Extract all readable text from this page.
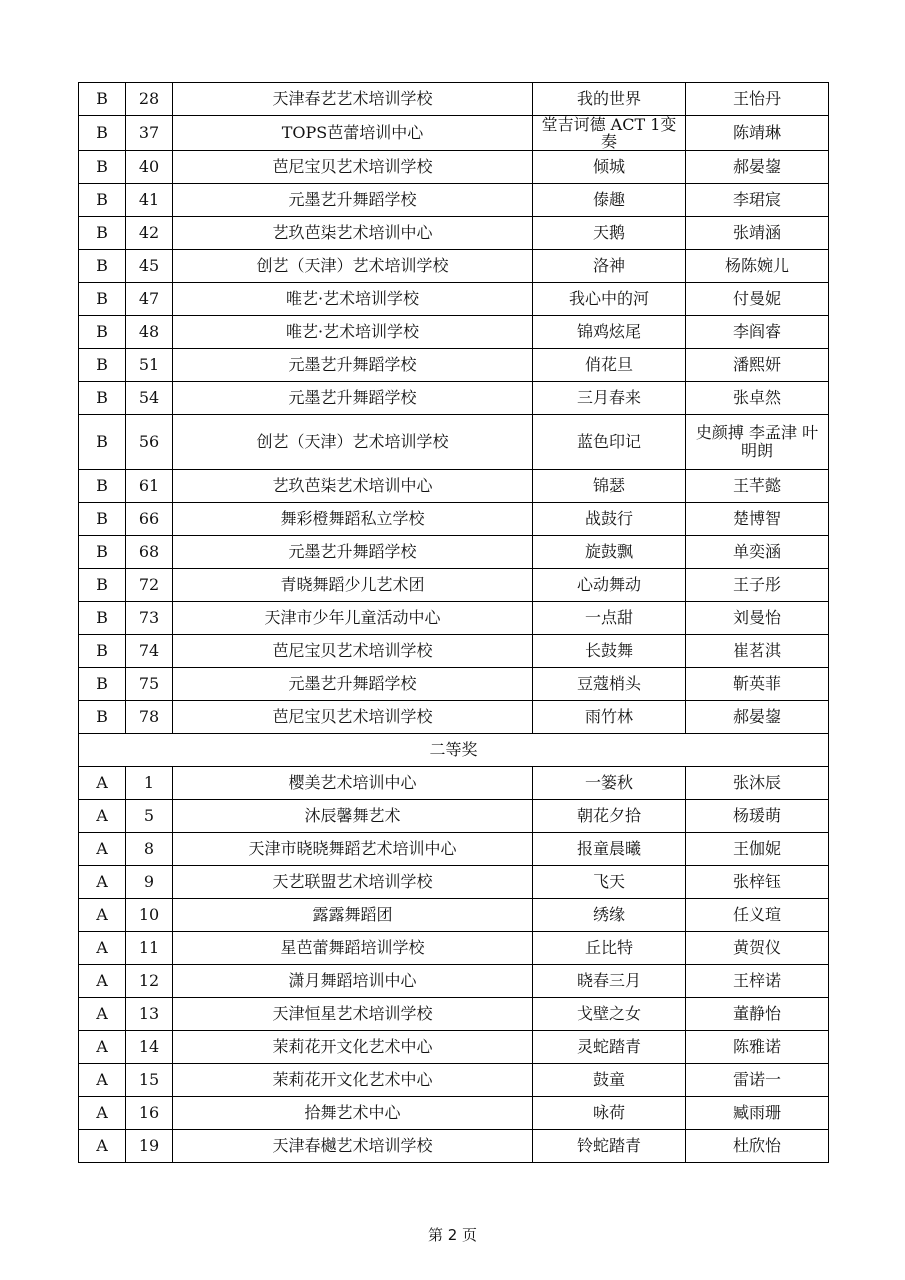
B	28	天津春艺艺术培训学校	我的世界	王怡丹
B	37	TOPS芭蕾培训中心	堂吉诃德 ACT 1变奏	陈靖琳
B	40	芭尼宝贝艺术培训学校	倾城	郝晏鋆
B	41	元墨艺升舞蹈学校	傣趣	李珺宸
B	42	艺玖芭柒艺术培训中心	天鹅	张靖涵
B	45	创艺（天津）艺术培训学校	洛神	杨陈婉儿
B	47	唯艺·艺术培训学校	我心中的河	付曼妮
B	48	唯艺·艺术培训学校	锦鸡炫尾	李阎睿
B	51	元墨艺升舞蹈学校	俏花旦	潘熙妍
B	54	元墨艺升舞蹈学校	三月春来	张卓然
B	56	创艺（天津）艺术培训学校	蓝色印记	史颜搏 李孟津 叶明朗
B	61	艺玖芭柒艺术培训中心	锦瑟	王芊懿
B	66	舞彩橙舞蹈私立学校	战鼓行	楚博智
B	68	元墨艺升舞蹈学校	旋鼓飘	单奕涵
B	72	青晓舞蹈少儿艺术团	心动舞动	王子彤
B	73	天津市少年儿童活动中心	一点甜	刘曼怡
B	74	芭尼宝贝艺术培训学校	长鼓舞	崔茗淇
B	75	元墨艺升舞蹈学校	豆蔻梢头	靳英菲
B	78	芭尼宝贝艺术培训学校	雨竹林	郝晏鋆
二等奖				
A	1	樱美艺术培训中心	一篓秋	张沐辰
A	5	沐辰馨舞艺术	朝花夕拾	杨瑗萌
A	8	天津市晓晓舞蹈艺术培训中心	报童晨曦	王伽妮
A	9	天艺联盟艺术培训学校	飞天	张梓钰
A	10	露露舞蹈团	绣缘	任义瑄
A	11	星芭蕾舞蹈培训学校	丘比特	黄贺仪
A	12	潇月舞蹈培训中心	晓春三月	王梓诺
A	13	天津恒星艺术培训学校	戈壁之女	董静怡
A	14	茉莉花开文化艺术中心	灵蛇踏青	陈雅诺
A	15	茉莉花开文化艺术中心	鼓童	雷诺一
A	16	拾舞艺术中心	咏荷	臧雨珊
A	19	天津春樾艺术培训学校	铃蛇踏青	杜欣怡
第 2 页
